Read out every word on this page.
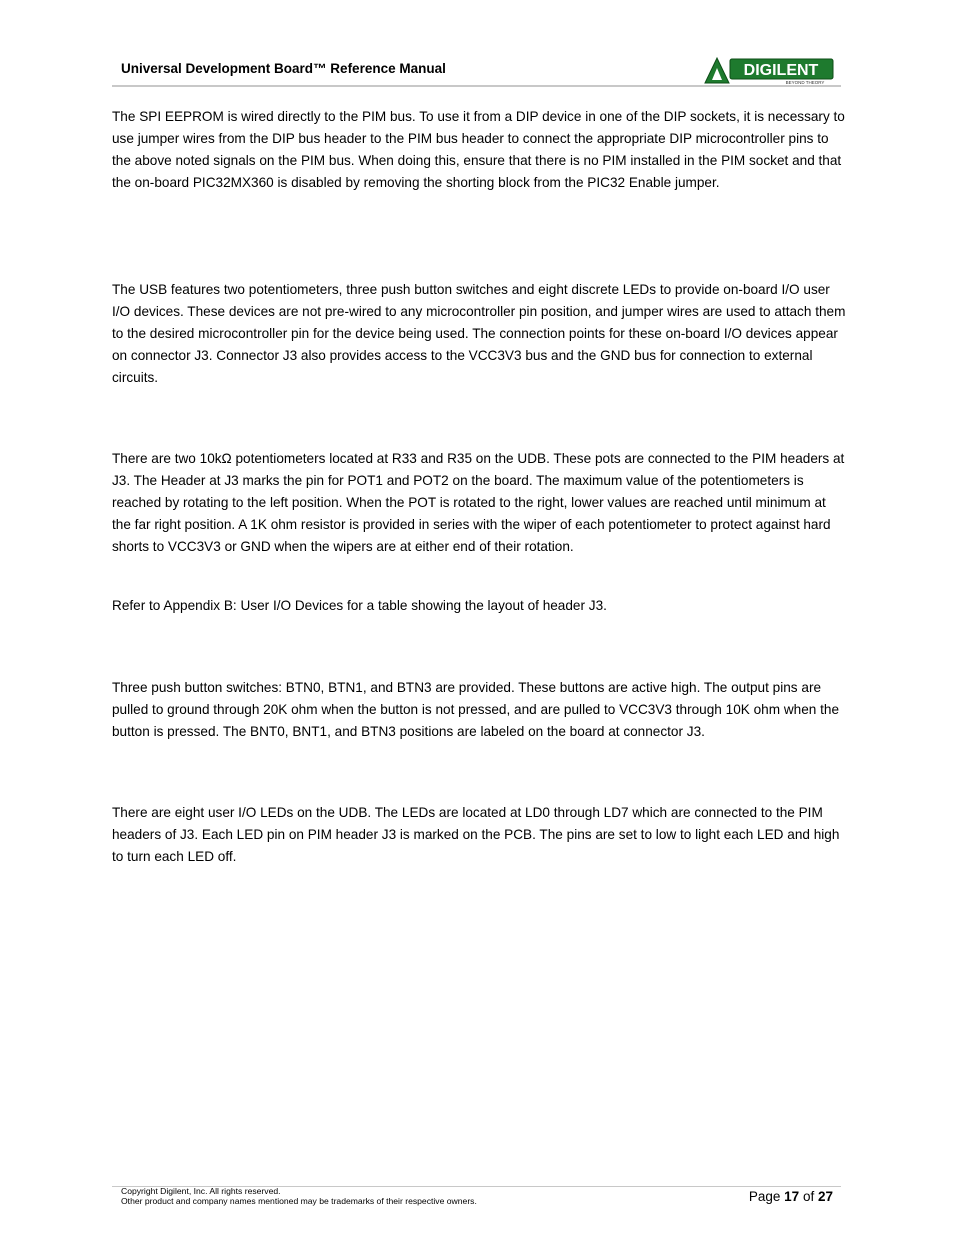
Universal Development Board™ Reference Manual	DIGILENT
BEYOND THEORY

The SPI EEPROM is wired directly to the PIM bus. To use it from a DIP device in one of the DIP sockets, it is necessary to use jumper wires from the DIP bus header to the PIM bus header to connect the appropriate DIP microcontroller pins to the above noted signals on the PIM bus. When doing this, ensure that there is no PIM installed in the PIM socket and that the on-board PIC32MX360 is disabled by removing the shorting block from the PIC32 Enable jumper.

The USB features two potentiometers, three push button switches and eight discrete LEDs to provide on-board I/O user I/O devices. These devices are not pre-wired to any microcontroller pin position, and jumper wires are used to attach them to the desired microcontroller pin for the device being used. The connection points for these on-board I/O devices appear on connector J3. Connector J3 also provides access to the VCC3V3 bus and the GND bus for connection to external circuits.

There are two 10kΩ potentiometers located at R33 and R35 on the UDB. These pots are connected to the PIM headers at J3. The Header at J3 marks the pin for POT1 and POT2 on the board. The maximum value of the potentiometers is reached by rotating to the left position. When the POT is rotated to the right, lower values are reached until minimum at the far right position. A 1K ohm resistor is provided in series with the wiper of each potentiometer to protect against hard shorts to VCC3V3 or GND when the wipers are at either end of their rotation.

Refer to Appendix B: User I/O Devices for a table showing the layout of header J3.

Three push button switches: BTN0, BTN1, and BTN3 are provided. These buttons are active high. The output pins are pulled to ground through 20K ohm when the button is not pressed, and are pulled to VCC3V3 through 10K ohm when the button is pressed. The BNT0, BNT1, and BTN3 positions are labeled on the board at connector J3.

There are eight user I/O LEDs on the UDB. The LEDs are located at LD0 through LD7 which are connected to the PIM headers of J3. Each LED pin on PIM header J3 is marked on the PCB. The pins are set to low to light each LED and high to turn each LED off.

Copyright Digilent, Inc. All rights reserved.
Other product and company names mentioned may be trademarks of their respective owners.	Page 17 of 27
